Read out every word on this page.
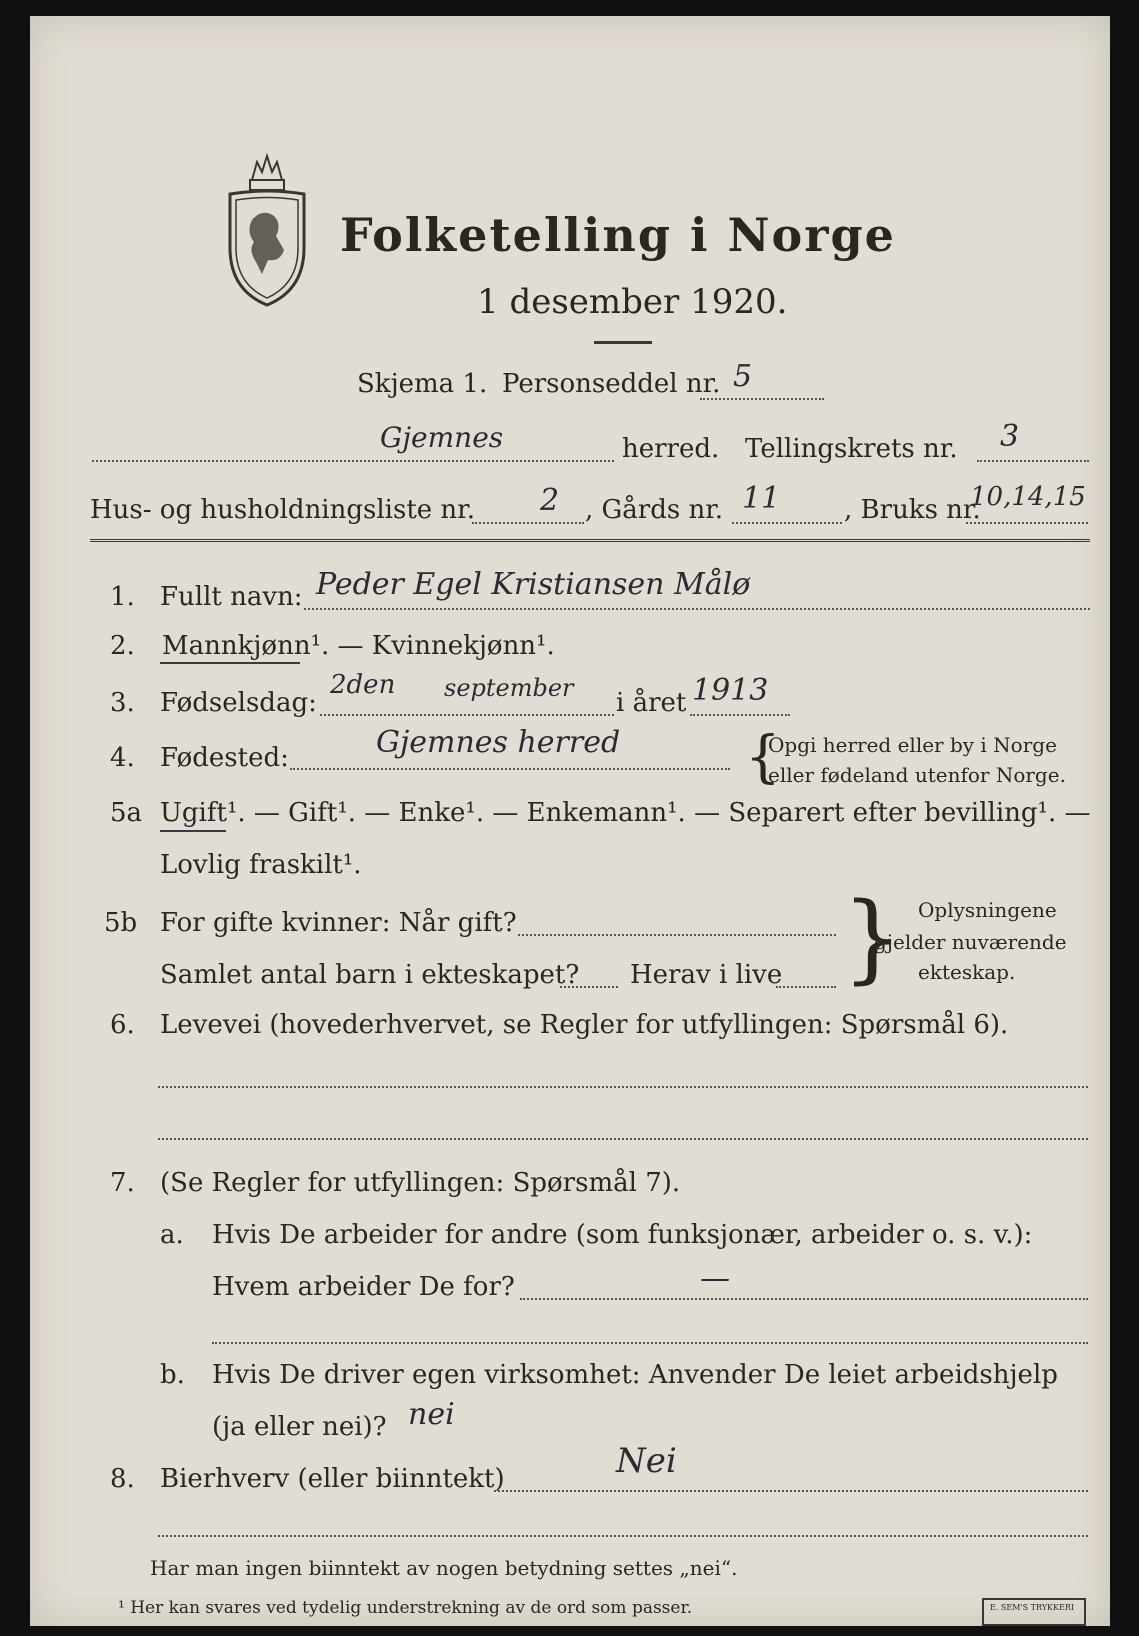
Folketelling i Norge
1 desember 1920.
Skjema 1. Personseddel nr. 5
Gjemnes	herred. Tellingskrets nr. 3
Hus- og husholdningsliste nr. 2 , Gårds nr. 11 , Bruks nr.
10,14,15
1. Fullt navn: Peder Egel Kristiansen Målø
2. Mannkjønn¹. — Kvinnekjønn¹.
3. Fødselsdag:
2den september i året 1913
4. Fødested:	Gjemnes herred {
Opgi herred eller by i Norge
eller fødeland utenfor Norge.
5a Ugift¹. — Gift¹. — Enke¹. — Enkemann¹. — Separert efter bevilling¹. —
Lovlig fraskilt¹.
5b For gifte kvinner: Når gift?
Samlet antal barn i ekteskapet? Herav i live } Oplysningene
gjelder nuværende
ekteskap.
6. Levevei (hovederhvervet, se Regler for utfyllingen: Spørsmål 6).
7. (Se Regler for utfyllingen: Spørsmål 7).
a. Hvis De arbeider for andre (som funksjonær, arbeider o. s. v.):
Hvem arbeider De for?	—
b. Hvis De driver egen virksomhet: Anvender De leiet arbeidshjelp
(ja eller nei)? nei
8. Bierhverv (eller biinntekt)	Nei
Har man ingen biinntekt av nogen betydning settes „nei“.
¹ Her kan svares ved tydelig understrekning av de ord som passer.	E. SEM'S TRYKKERI
